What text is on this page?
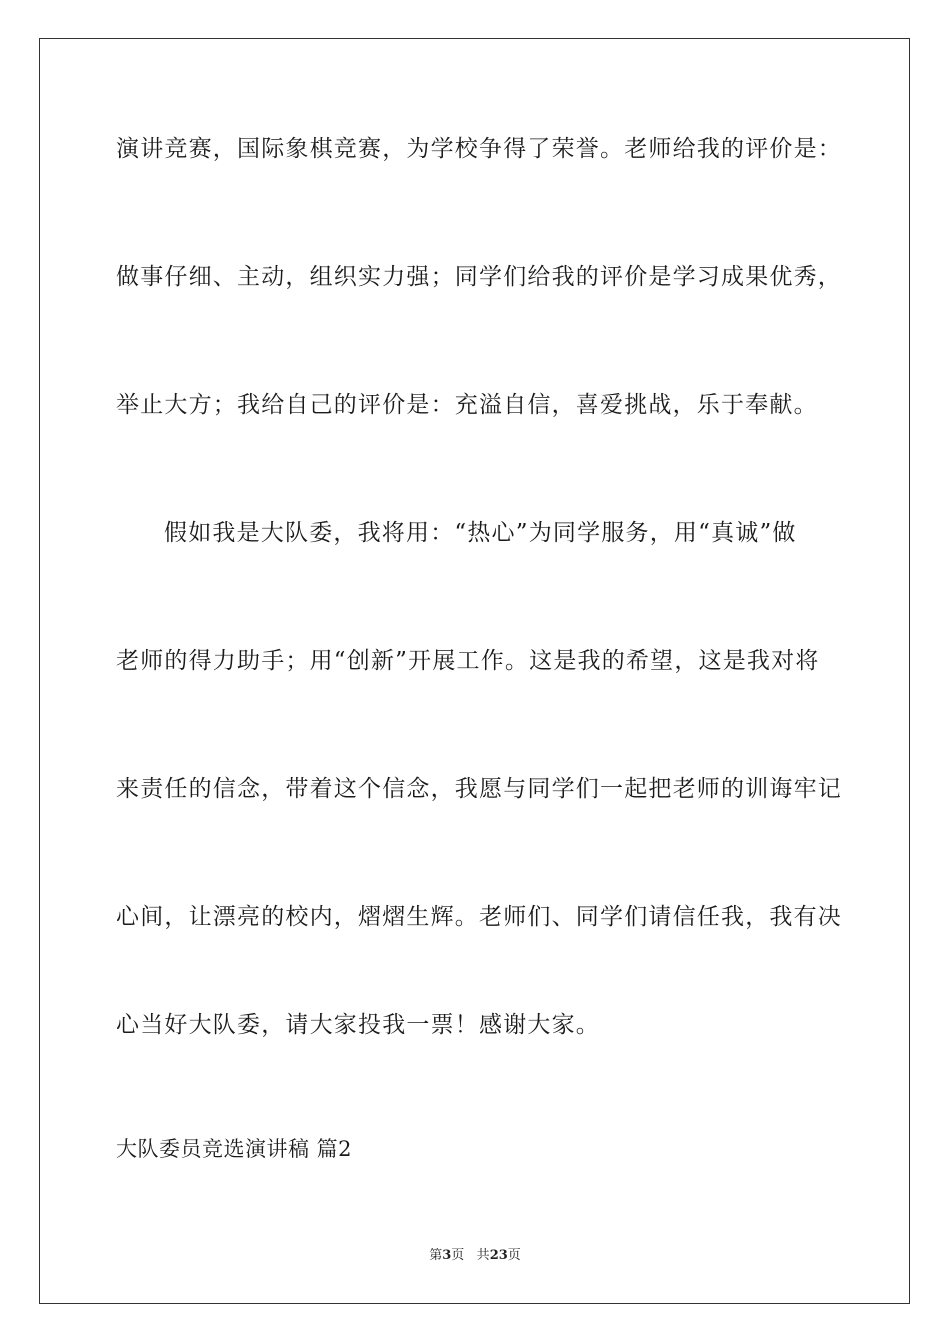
演讲竞赛，国际象棋竞赛，为学校争得了荣誉。老师给我的评价是：
做事仔细、主动，组织实力强；同学们给我的评价是学习成果优秀，
举止大方；我给自己的评价是：充溢自信，喜爱挑战，乐于奉献。
假如我是大队委，我将用：“热心”为同学服务，用“真诚”做
老师的得力助手；用“创新”开展工作。这是我的希望，这是我对将
来责任的信念，带着这个信念，我愿与同学们一起把老师的训诲牢记
心间，让漂亮的校内，熠熠生辉。老师们、同学们请信任我，我有决
心当好大队委，请大家投我一票！感谢大家。
大队委员竞选演讲稿 篇2
第3页 共23页
